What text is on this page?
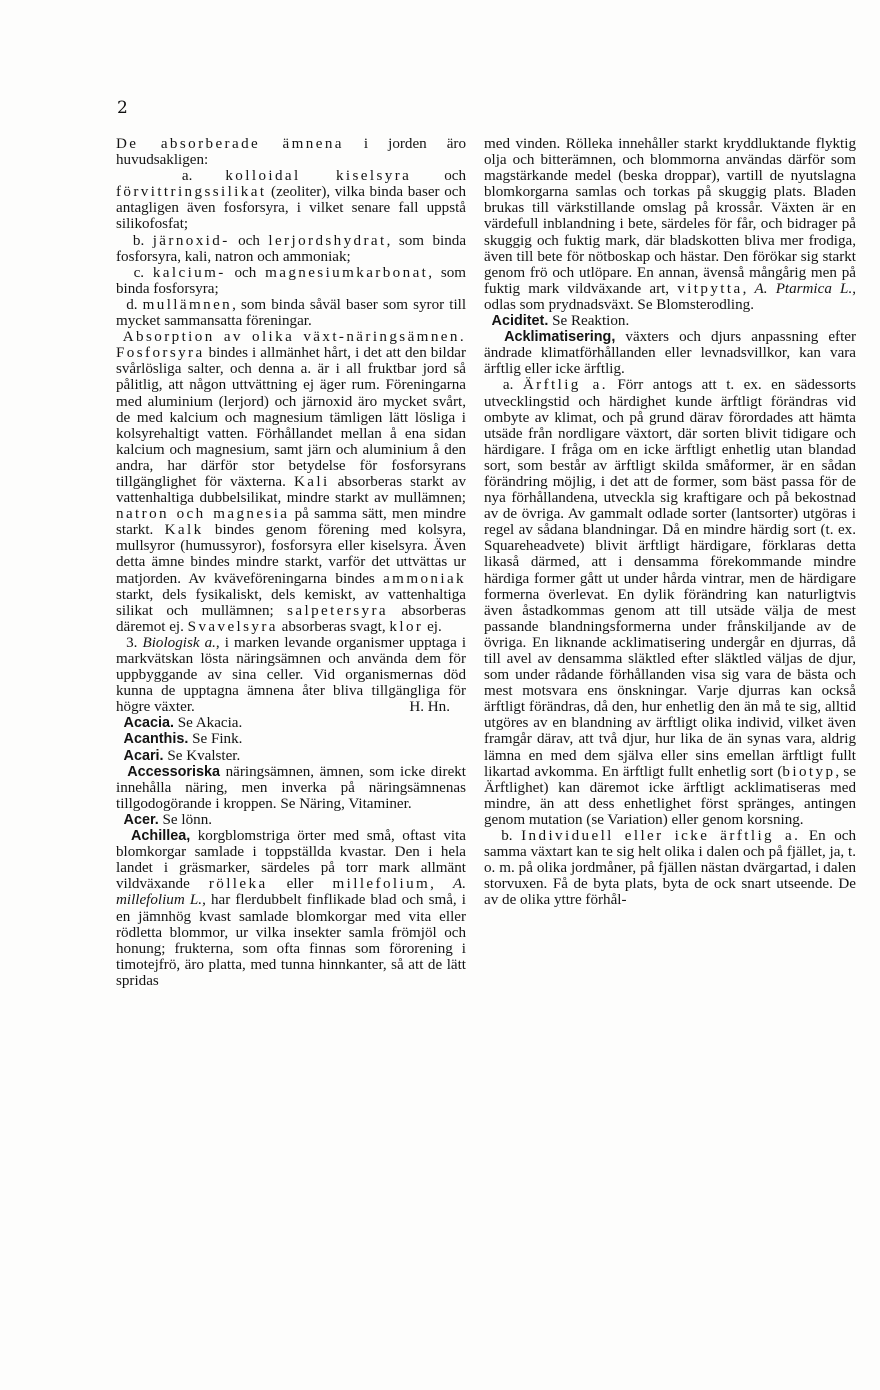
2

De absorberade ämnena i jorden äro huvudsakligen:

a. kolloidal kiselsyra och förvittringssilikat (zeoliter), vilka binda baser och antagligen även fosforsyra, i vilket senare fall uppstå silikofosfat;

b. järnoxid- och lerjordshydrat, som binda fosforsyra, kali, natron och ammoniak;

c. kalcium- och magnesiumkarbonat, som binda fosforsyra;

d. mullämnen, som binda såväl baser som syror till mycket sammansatta föreningar.

Absorption av olika växt-näringsämnen. Fosforsyra bindes i allmänhet hårt, i det att den bildar svårlösliga salter, och denna a. är i all fruktbar jord så pålitlig, att någon uttvättning ej äger rum. Föreningarna med aluminium (lerjord) och järnoxid äro mycket svårt, de med kalcium och magnesium tämligen lätt lösliga i kolsyrehaltigt vatten. Förhållandet mellan å ena sidan kalcium och magnesium, samt järn och aluminium å den andra, har därför stor betydelse för fosforsyrans tillgänglighet för växterna. Kali absorberas starkt av vattenhaltiga dubbelsilikat, mindre starkt av mullämnen; natron och magnesia på samma sätt, men mindre starkt. Kalk bindes genom förening med kolsyra, mullsyror (humussyror), fosforsyra eller kiselsyra. Även detta ämne bindes mindre starkt, varför det uttvättas ur matjorden. Av kväveföreningarna bindes ammoniak starkt, dels fysikaliskt, dels kemiskt, av vattenhaltiga silikat och mullämnen; salpetersyra absorberas däremot ej. Svavelsyra absorberas svagt, klor ej.

3. Biologisk a., i marken levande organismer upptaga i markvätskan lösta näringsämnen och använda dem för uppbyggande av sina celler. Vid organismernas död kunna de upptagna ämnena åter bliva tillgängliga för högre växter.	H. Hn.

Acacia. Se Akacia.

Acanthis. Se Fink.

Acari. Se Kvalster.

Accessoriska näringsämnen, ämnen, som icke direkt innehålla näring, men inverka på näringsämnenas tillgodogörande i kroppen. Se Näring, Vitaminer.

Acer. Se lönn.

Achillea, korgblomstriga örter med små, oftast vita blomkorgar samlade i toppställda kvastar. Den i hela landet i gräsmarker, särdeles på torr mark allmänt vildväxande rölleka eller millefolium, A. millefolium L., har flerdubbelt finflikade blad och små, i en jämnhög kvast samlade blomkorgar med vita eller rödletta blommor, ur vilka insekter samla frömjöl och honung; frukterna, som ofta finnas som förorening i timotejfrö, äro platta, med tunna hinnkanter, så att de lätt spridas

med vinden. Rölleka innehåller starkt kryddluktande flyktig olja och bitterämnen, och blommorna användas därför som magstärkande medel (beska droppar), vartill de nyutslagna blomkorgarna samlas och torkas på skuggig plats. Bladen brukas till värkstillande omslag på krossår. Växten är en värdefull inblandning i bete, särdeles för får, och bidrager på skuggig och fuktig mark, där bladskotten bliva mer frodiga, även till bete för nötboskap och hästar. Den förökar sig starkt genom frö och utlöpare. En annan, ävenså mångårig men på fuktig mark vildväxande art, vitpytta, A. Ptarmica L., odlas som prydnadsväxt. Se Blomsterodling.

Aciditet. Se Reaktion.

Acklimatisering, växters och djurs anpassning efter ändrade klimatförhållanden eller levnadsvillkor, kan vara ärftlig eller icke ärftlig.

a. Ärftlig a. Förr antogs att t. ex. en sädessorts utvecklingstid och härdighet kunde ärftligt förändras vid ombyte av klimat, och på grund därav förordades att hämta utsäde från nordligare växtort, där sorten blivit tidigare och härdigare. I fråga om en icke ärftligt enhetlig utan blandad sort, som består av ärftligt skilda småformer, är en sådan förändring möjlig, i det att de former, som bäst passa för de nya förhållandena, utveckla sig kraftigare och på bekostnad av de övriga. Av gammalt odlade sorter (lantsorter) utgöras i regel av sådana blandningar. Då en mindre härdig sort (t. ex. Squareheadvete) blivit ärftligt härdigare, förklaras detta likaså därmed, att i densamma förekommande mindre härdiga former gått ut under hårda vintrar, men de härdigare formerna överlevat. En dylik förändring kan naturligtvis även åstadkommas genom att till utsäde välja de mest passande blandningsformerna under frånskiljande av de övriga. En liknande acklimatisering undergår en djurras, då till avel av densamma släktled efter släktled väljas de djur, som under rådande förhållanden visa sig vara de bästa och mest motsvara ens önskningar. Varje djurras kan också ärftligt förändras, då den, hur enhetlig den än må te sig, alltid utgöres av en blandning av ärftligt olika individ, vilket även framgår därav, att två djur, hur lika de än synas vara, aldrig lämna en med dem själva eller sins emellan ärftligt fullt likartad avkomma. En ärftligt fullt enhetlig sort (biotyp, se Ärftlighet) kan däremot icke ärftligt acklimatiseras med mindre, än att dess enhetlighet först spränges, antingen genom mutation (se Variation) eller genom korsning.

b. Individuell eller icke ärftlig a. En och samma växtart kan te sig helt olika i dalen och på fjället, ja, t. o. m. på olika jordmåner, på fjällen nästan dvärgartad, i dalen storvuxen. Få de byta plats, byta de ock snart utseende. De av de olika yttre förhål-
